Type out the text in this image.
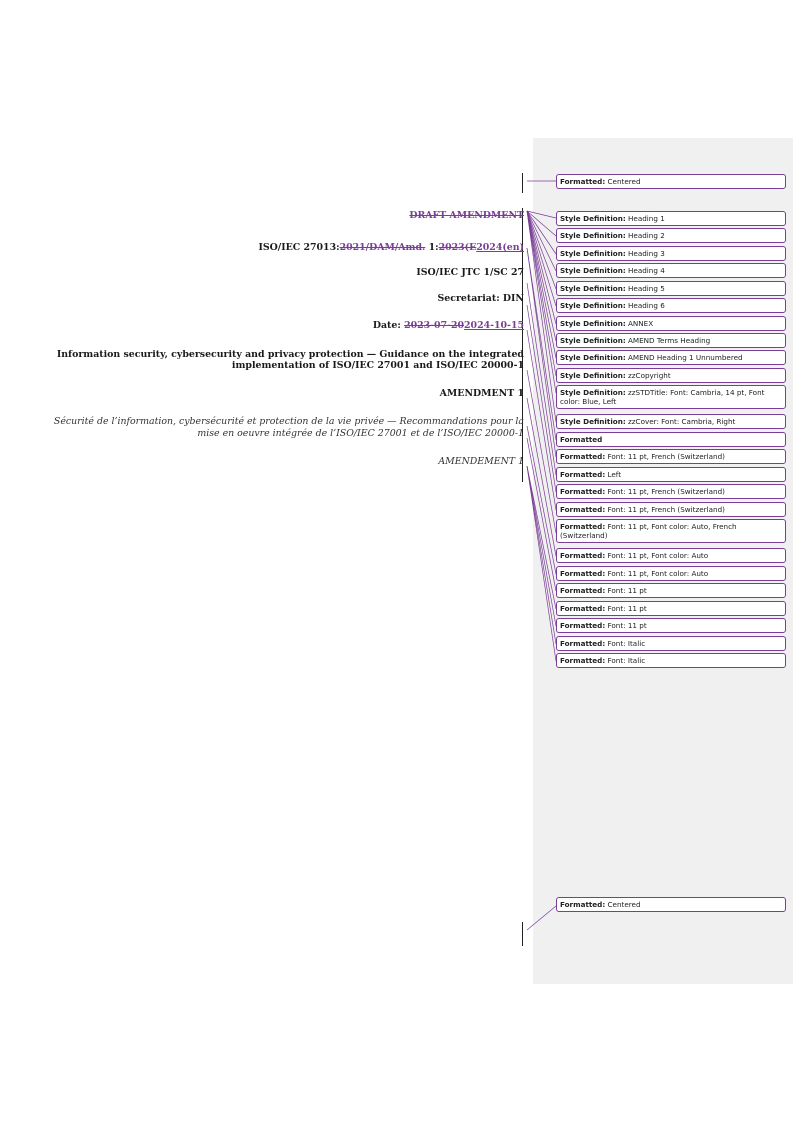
DRAFT AMENDMENT
ISO/IEC 27013:2021/DAM/Amd. 1:2023(E2024(en)
ISO/IEC JTC 1/SC 27
Secretariat: DIN
Date: 2023-07-202024-10-15
Information security, cybersecurity and privacy protection — Guidance on the integrated
implementation of ISO/IEC 27001 and ISO/IEC 20000-1
AMENDMENT 1
Sécurité de l’information, cybersécurité et protection de la vie privée — Recommandations pour la
mise en oeuvre intégrée de l’ISO/IEC 27001 et de l’ISO/IEC 20000-1
AMENDEMENT 1
Formatted: Centered
Style Definition: Heading 1
Style Definition: Heading 2
Style Definition: Heading 3
Style Definition: Heading 4
Style Definition: Heading 5
Style Definition: Heading 6
Style Definition: ANNEX
Style Definition: AMEND Terms Heading
Style Definition: AMEND Heading 1 Unnumbered
Style Definition: zzCopyright
Style Definition: zzSTDTitle: Font: Cambria, 14 pt, Font color: Blue, Left
Style Definition: zzCover: Font: Cambria, Right
Formatted
Formatted: Font: 11 pt, French (Switzerland)
Formatted: Left
Formatted: Font: 11 pt, French (Switzerland)
Formatted: Font: 11 pt, French (Switzerland)
Formatted: Font: 11 pt, Font color: Auto, French (Switzerland)
Formatted: Font: 11 pt, Font color: Auto
Formatted: Font: 11 pt, Font color: Auto
Formatted: Font: 11 pt
Formatted: Font: 11 pt
Formatted: Font: 11 pt
Formatted: Font: Italic
Formatted: Font: Italic
Formatted: Centered
